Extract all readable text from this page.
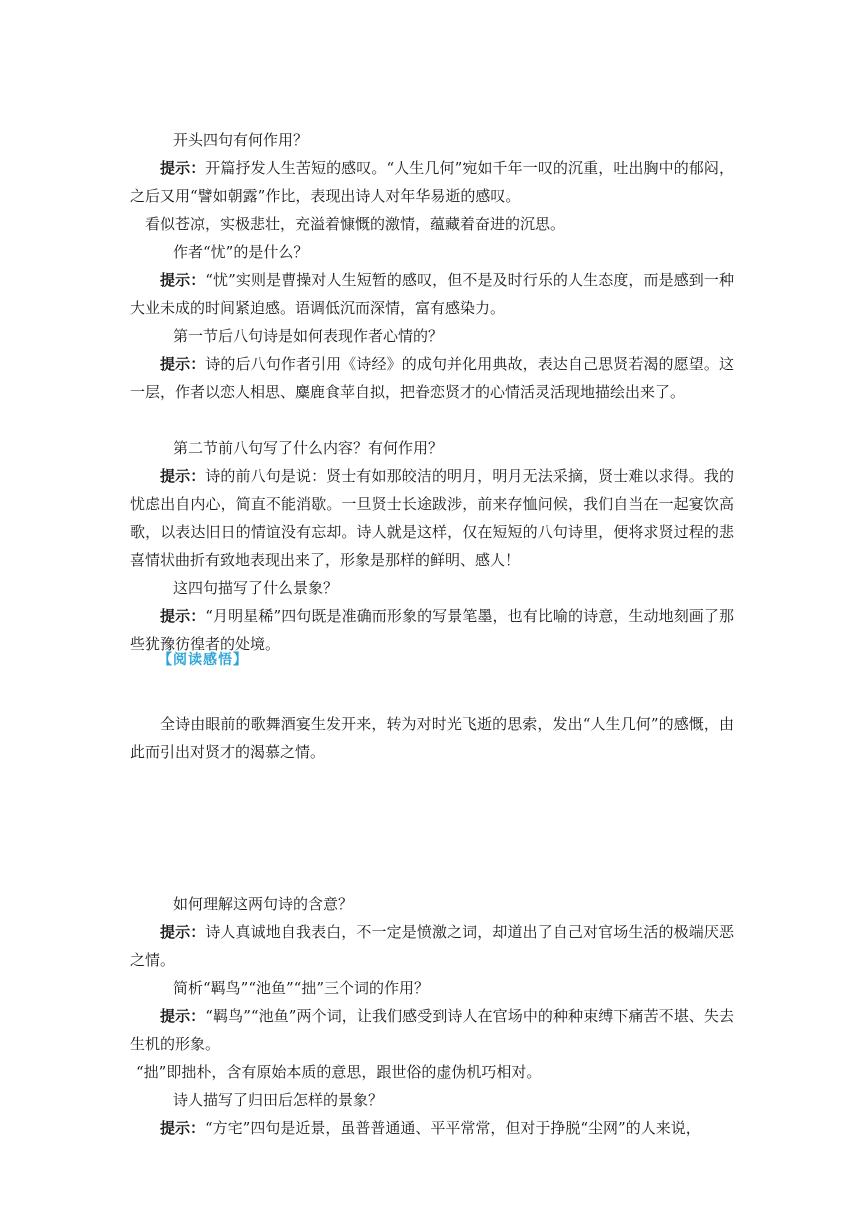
开头四句有何作用？

提示：开篇抒发人生苦短的感叹。“人生几何”宛如千年一叹的沉重，吐出胸中的郁闷，之后又用“譬如朝露”作比，表现出诗人对年华易逝的感叹。

看似苍凉，实极悲壮，充溢着慷慨的激情，蕴藏着奋进的沉思。

作者“忧”的是什么？

提示：“忧”实则是曹操对人生短暂的感叹，但不是及时行乐的人生态度，而是感到一种大业未成的时间紧迫感。语调低沉而深情，富有感染力。

第一节后八句诗是如何表现作者心情的？

提示：诗的后八句作者引用《诗经》的成句并化用典故，表达自己思贤若渴的愿望。这一层，作者以恋人相思、麋鹿食苹自拟，把眷恋贤才的心情活灵活现地描绘出来了。

第二节前八句写了什么内容？有何作用？

提示：诗的前八句是说：贤士有如那皎洁的明月，明月无法采摘，贤士难以求得。我的忧虑出自内心，简直不能消歇。一旦贤士长途跋涉，前来存恤问候，我们自当在一起宴饮高歌，以表达旧日的情谊没有忘却。诗人就是这样，仅在短短的八句诗里，便将求贤过程的悲喜情状曲折有致地表现出来了，形象是那样的鲜明、感人！

这四句描写了什么景象？

提示：“月明星稀”四句既是准确而形象的写景笔墨，也有比喻的诗意，生动地刻画了那些犹豫彷徨者的处境。

【阅读感悟】

全诗由眼前的歌舞酒宴生发开来，转为对时光飞逝的思索，发出“人生几何”的感慨，由此而引出对贤才的渴慕之情。

如何理解这两句诗的含意？

提示：诗人真诚地自我表白，不一定是愤激之词，却道出了自己对官场生活的极端厌恶之情。

简析“羁鸟”“池鱼”“拙”三个词的作用？

提示：“羁鸟”“池鱼”两个词，让我们感受到诗人在官场中的种种束缚下痛苦不堪、失去生机的形象。

“拙”即拙朴，含有原始本质的意思，跟世俗的虚伪机巧相对。

诗人描写了归田后怎样的景象？

提示：“方宅”四句是近景，虽普普通通、平平常常，但对于挣脱“尘网”的人来说，
